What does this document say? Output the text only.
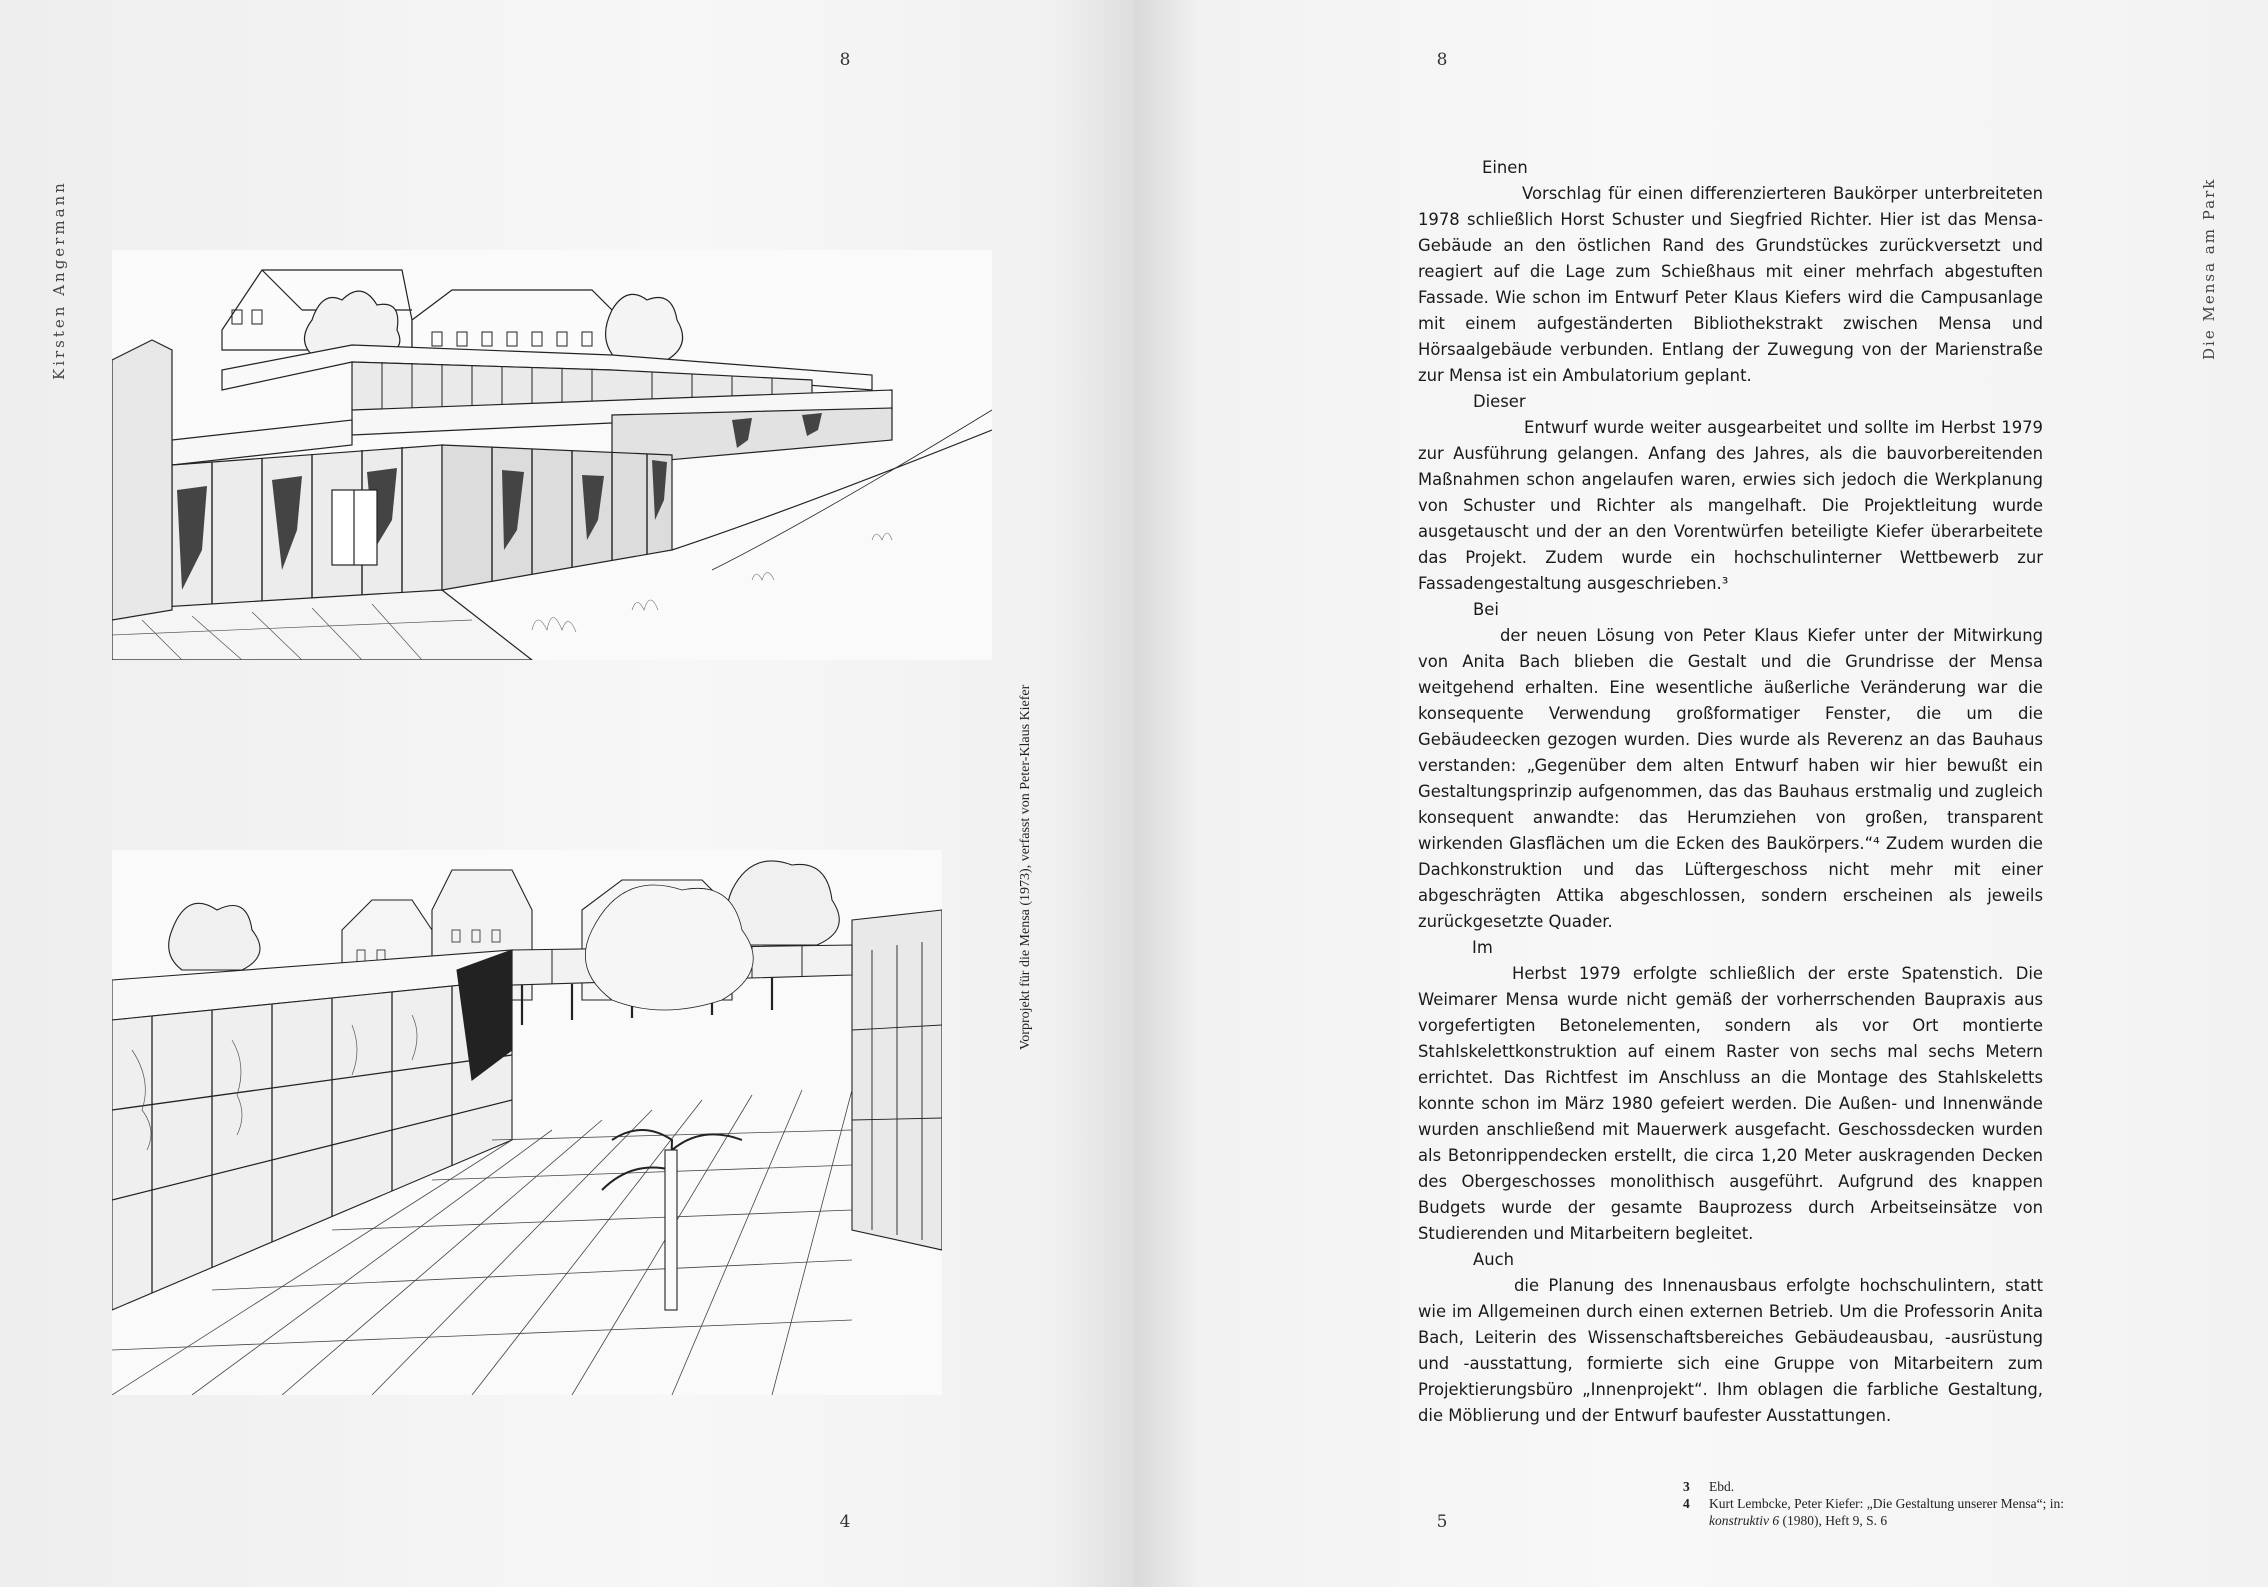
8
Kirsten Angermann
Vorprojekt für die Mensa (1973), verfasst von Peter-Klaus Kiefer
4
8
Die Mensa am Park
5

Einen
Vorschlag für einen differenzierteren Baukörper unterbreiteten 1978 schließlich Horst Schuster und Siegfried Richter. Hier ist das Mensa-Gebäude an den östlichen Rand des Grundstückes zurückversetzt und reagiert auf die Lage zum Schießhaus mit einer mehrfach abgestuften Fassade. Wie schon im Entwurf Peter Klaus Kiefers wird die Campusanlage mit einem aufgeständerten Bibliothekstrakt zwischen Mensa und Hörsaalgebäude verbunden. Entlang der Zuwegung von der Marienstraße zur Mensa ist ein Ambulatorium geplant.

Dieser
Entwurf wurde weiter ausgearbeitet und sollte im Herbst 1979 zur Ausführung gelangen. Anfang des Jahres, als die bauvorbereitenden Maßnahmen schon angelaufen waren, erwies sich jedoch die Werkplanung von Schuster und Richter als mangelhaft. Die Projektleitung wurde ausgetauscht und der an den Vorentwürfen beteiligte Kiefer überarbeitete das Projekt. Zudem wurde ein hochschulinterner Wettbewerb zur Fassadengestaltung ausgeschrieben.³

Bei
der neuen Lösung von Peter Klaus Kiefer unter der Mitwirkung von Anita Bach blieben die Gestalt und die Grundrisse der Mensa weitgehend erhalten. Eine wesentliche äußerliche Veränderung war die konsequente Verwendung großformatiger Fenster, die um die Gebäudeecken gezogen wurden. Dies wurde als Reverenz an das Bauhaus verstanden: „Gegenüber dem alten Entwurf haben wir hier bewußt ein Gestaltungsprinzip aufgenommen, das das Bauhaus erstmalig und zugleich konsequent anwandte: das Herumziehen von großen, transparent wirkenden Glasflächen um die Ecken des Baukörpers.“⁴ Zudem wurden die Dachkonstruktion und das Lüftergeschoss nicht mehr mit einer abgeschrägten Attika abgeschlossen, sondern erscheinen als jeweils zurückgesetzte Quader.

Im
Herbst 1979 erfolgte schließlich der erste Spatenstich. Die Weimarer Mensa wurde nicht gemäß der vorherrschenden Baupraxis aus vorgefertigten Betonelementen, sondern als vor Ort montierte Stahlskelettkonstruktion auf einem Raster von sechs mal sechs Metern errichtet. Das Richtfest im Anschluss an die Montage des Stahlskeletts konnte schon im März 1980 gefeiert werden. Die Außen- und Innenwände wurden anschließend mit Mauerwerk ausgefacht. Geschossdecken wurden als Betonrippendecken erstellt, die circa 1,20 Meter auskragenden Decken des Obergeschosses monolithisch ausgeführt. Aufgrund des knappen Budgets wurde der gesamte Bauprozess durch Arbeitseinsätze von Studierenden und Mitarbeitern begleitet.

Auch
die Planung des Innenausbaus erfolgte hochschulintern, statt wie im Allgemeinen durch einen externen Betrieb. Um die Professorin Anita Bach, Leiterin des Wissenschaftsbereiches Gebäudeausbau, -ausrüstung und -ausstattung, formierte sich eine Gruppe von Mitarbeitern zum Projektierungsbüro „Innenprojekt“. Ihm oblagen die farbliche Gestaltung, die Möblierung und der Entwurf baufester Ausstattungen.

3	Ebd.
4	Kurt Lembcke, Peter Kiefer: „Die Gestaltung unserer Mensa“; in: konstruktiv 6 (1980), Heft 9, S. 6
